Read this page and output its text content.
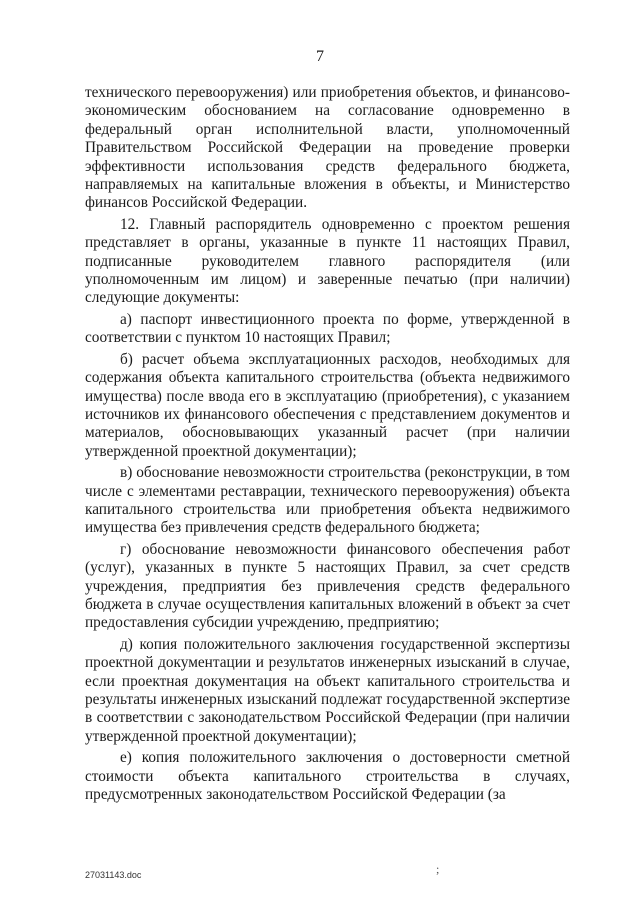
7

технического перевооружения) или приобретения объектов, и финансово-экономическим обоснованием на согласование одновременно в федеральный орган исполнительной власти, уполномоченный Правительством Российской Федерации на проведение проверки эффективности использования средств федерального бюджета, направляемых на капитальные вложения в объекты, и Министерство финансов Российской Федерации.

12. Главный распорядитель одновременно с проектом решения представляет в органы, указанные в пункте 11 настоящих Правил, подписанные руководителем главного распорядителя (или уполномоченным им лицом) и заверенные печатью (при наличии) следующие документы:

а) паспорт инвестиционного проекта по форме, утвержденной в соответствии с пунктом 10 настоящих Правил;

б) расчет объема эксплуатационных расходов, необходимых для содержания объекта капитального строительства (объекта недвижимого имущества) после ввода его в эксплуатацию (приобретения), с указанием источников их финансового обеспечения с представлением документов и материалов, обосновывающих указанный расчет (при наличии утвержденной проектной документации);

в) обоснование невозможности строительства (реконструкции, в том числе с элементами реставрации, технического перевооружения) объекта капитального строительства или приобретения объекта недвижимого имущества без привлечения средств федерального бюджета;

г) обоснование невозможности финансового обеспечения работ (услуг), указанных в пункте 5 настоящих Правил, за счет средств учреждения, предприятия без привлечения средств федерального бюджета в случае осуществления капитальных вложений в объект за счет предоставления субсидии учреждению, предприятию;

д) копия положительного заключения государственной экспертизы проектной документации и результатов инженерных изысканий в случае, если проектная документация на объект капитального строительства и результаты инженерных изысканий подлежат государственной экспертизе в соответствии с законодательством Российской Федерации (при наличии утвержденной проектной документации);

е) копия положительного заключения о достоверности сметной стоимости объекта капитального строительства в случаях, предусмотренных законодательством Российской Федерации (за

;
27031143.doc
